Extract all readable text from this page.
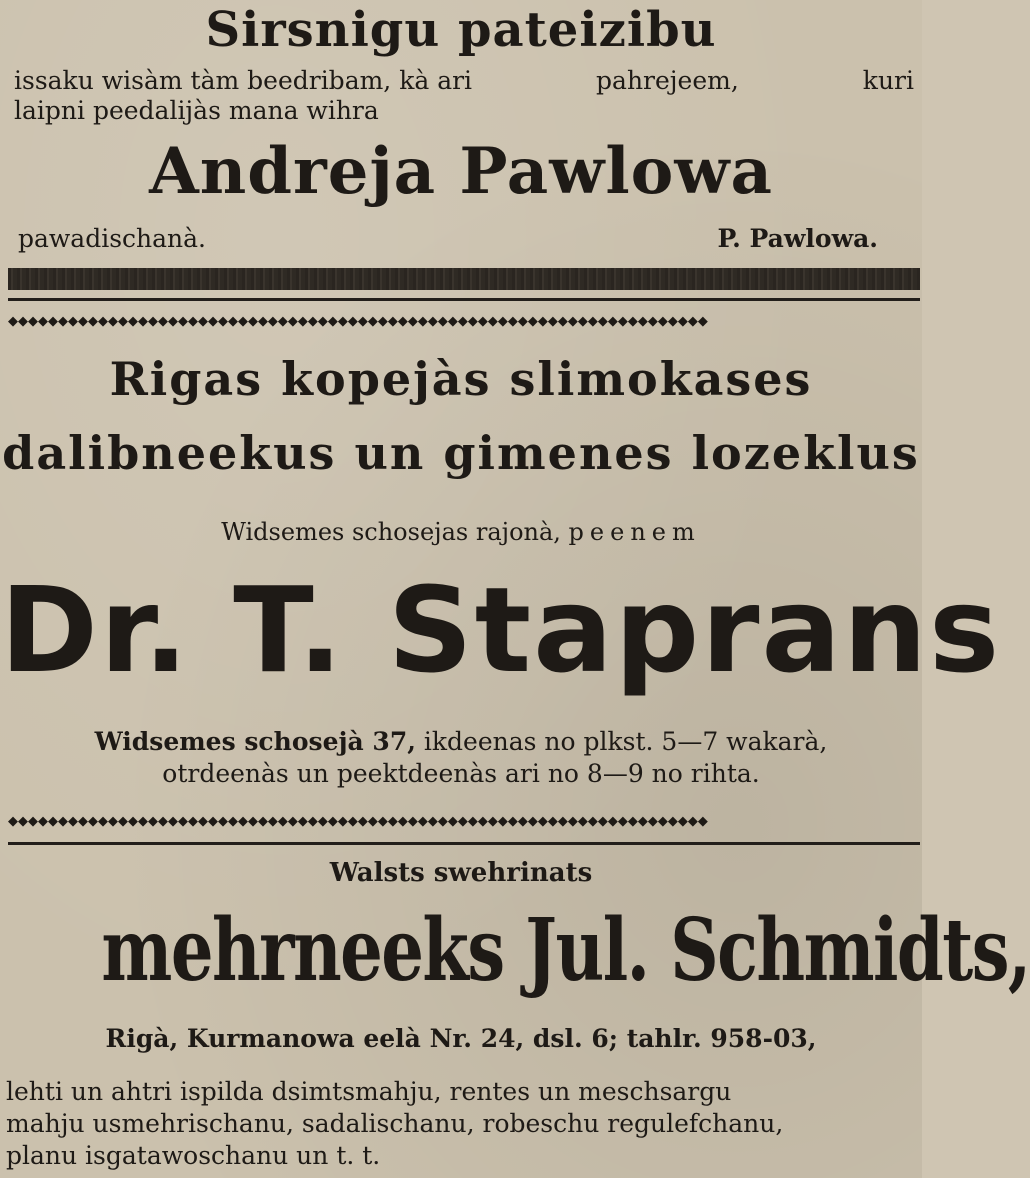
Sirsnigu pateizibu
issaku wisàm tàm beedribam, kà ari	pahrejeem,	kuri
laipni peedalijàs mana wihra
Andreja Pawlowa
pawadischanà.	P. Pawlowa.
◆◆◆◆◆◆◆◆◆◆◆◆◆◆◆◆◆◆◆◆◆◆◆◆◆◆◆◆◆◆◆◆◆◆◆◆◆◆◆◆◆◆◆◆◆◆◆◆◆◆◆◆◆◆◆◆◆◆◆◆◆◆◆◆◆◆◆◆◆◆
Rigas kopejàs slimokases
dalibneekus un gimenes lozeklus
Widsemes schosejas rajonà, peenem
Dr. T. Staprans
Widsemes schosejà 37, ikdeenas no plkst. 5—7 wakarà,
otrdeenàs un peektdeenàs ari no 8—9 no rihta.
◆◆◆◆◆◆◆◆◆◆◆◆◆◆◆◆◆◆◆◆◆◆◆◆◆◆◆◆◆◆◆◆◆◆◆◆◆◆◆◆◆◆◆◆◆◆◆◆◆◆◆◆◆◆◆◆◆◆◆◆◆◆◆◆◆◆◆◆◆◆
Walsts swehrinats
mehrneeks Jul. Schmidts,
Rigà, Kurmanowa eelà Nr. 24, dsl. 6; tahlr. 958-03,
lehti un ahtri ispilda dsimtsmahju, rentes un meschsargu
mahju usmehrischanu, sadalischanu, robeschu regulefchanu,
planu isgatawoschanu un t. t.
